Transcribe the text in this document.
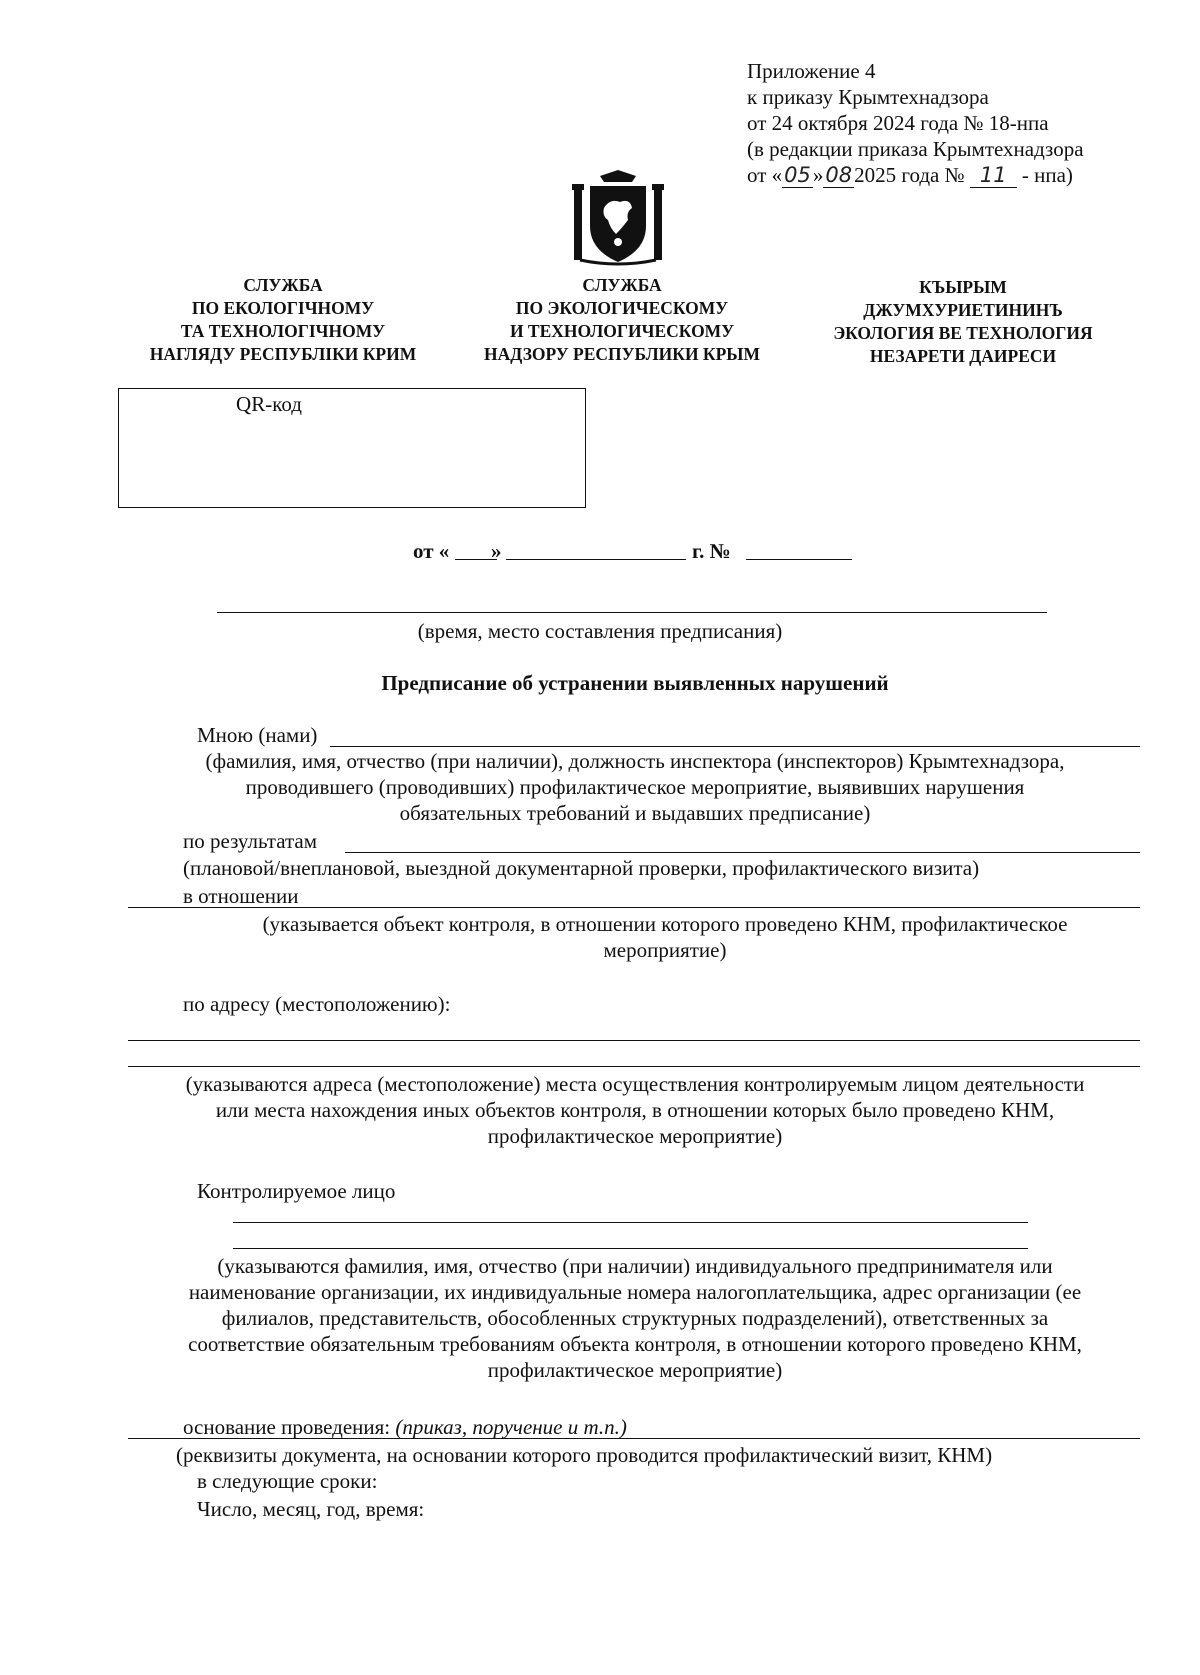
Приложение 4
к приказу Крымтехнадзора
от 24 октября 2024 года № 18-нпа
(в редакции приказа Крымтехнадзора
от «05»082025 года № 11 - нпа)
СЛУЖБА
ПО ЕКОЛОГІЧНОМУ
ТА ТЕХНОЛОГІЧНОМУ
НАГЛЯДУ РЕСПУБЛІКИ КРИМ
СЛУЖБА
ПО ЭКОЛОГИЧЕСКОМУ
И ТЕХНОЛОГИЧЕСКОМУ
НАДЗОРУ РЕСПУБЛИКИ КРЫМ
КЪЫРЫМ
ДЖУМХУРИЕТИНИНЪ
ЭКОЛОГИЯ ВЕ ТЕХНОЛОГИЯ
НЕЗАРЕТИ ДАИРЕСИ
QR-код
от « »	г. №
(время, место составления предписания)
Предписание об устранении выявленных нарушений
Мною (нами)
(фамилия, имя, отчество (при наличии), должность инспектора (инспекторов) Крымтехнадзора,
проводившего (проводивших) профилактическое мероприятие, выявивших нарушения
обязательных требований и выдавших предписание)
по результатам
(плановой/внеплановой, выездной документарной проверки, профилактического визита)
в отношении
(указывается объект контроля, в отношении которого проведено КНМ, профилактическое
мероприятие)
по адресу (местоположению):
(указываются адреса (местоположение) места осуществления контролируемым лицом деятельности
или места нахождения иных объектов контроля, в отношении которых было проведено КНМ,
профилактическое мероприятие)
Контролируемое лицо
(указываются фамилия, имя, отчество (при наличии) индивидуального предпринимателя или
наименование организации, их индивидуальные номера налогоплательщика, адрес организации (ее
филиалов, представительств, обособленных структурных подразделений), ответственных за
соответствие обязательным требованиям объекта контроля, в отношении которого проведено КНМ,
профилактическое мероприятие)
основание проведения: (приказ, поручение и т.п.)
(реквизиты документа, на основании которого проводится профилактический визит, КНМ)
в следующие сроки:
Число, месяц, год, время:
